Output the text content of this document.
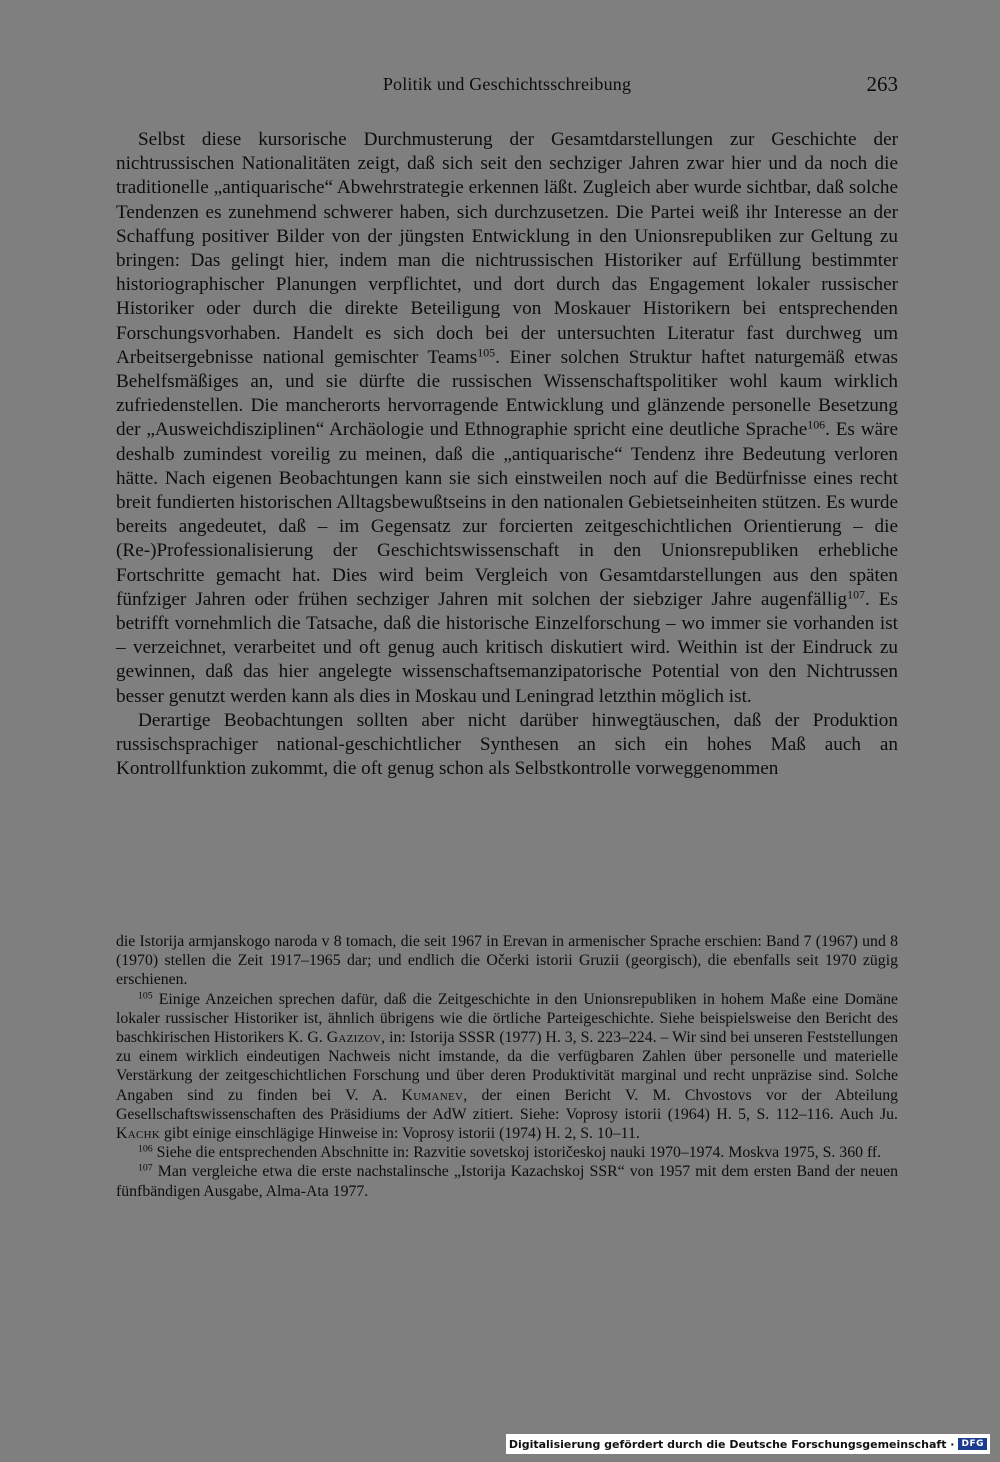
Politik und Geschichtsschreibung	263

Selbst diese kursorische Durchmusterung der Gesamtdarstellungen zur Geschichte der nichtrussischen Nationalitäten zeigt, daß sich seit den sechziger Jahren zwar hier und da noch die traditionelle „antiquarische“ Abwehrstrategie erkennen läßt. Zugleich aber wurde sichtbar, daß solche Tendenzen es zunehmend schwerer haben, sich durchzusetzen. Die Partei weiß ihr Interesse an der Schaffung positiver Bilder von der jüngsten Entwicklung in den Unionsrepubliken zur Geltung zu bringen: Das gelingt hier, indem man die nichtrussischen Historiker auf Erfüllung bestimmter historiographischer Planungen verpflichtet, und dort durch das Engagement lokaler russischer Historiker oder durch die direkte Beteiligung von Moskauer Historikern bei entsprechenden Forschungsvorhaben. Handelt es sich doch bei der untersuchten Literatur fast durchweg um Arbeitsergebnisse national gemischter Teams$^{105}$. Einer solchen Struktur haftet naturgemäß etwas Behelfsmäßiges an, und sie dürfte die russischen Wissenschaftspolitiker wohl kaum wirklich zufriedenstellen. Die mancherorts hervorragende Entwicklung und glänzende personelle Besetzung der „Ausweichdisziplinen“ Archäologie und Ethnographie spricht eine deutliche Sprache$^{106}$. Es wäre deshalb zumindest voreilig zu meinen, daß die „antiquarische“ Tendenz ihre Bedeutung verloren hätte. Nach eigenen Beobachtungen kann sie sich einstweilen noch auf die Bedürfnisse eines recht breit fundierten historischen Alltagsbewußtseins in den nationalen Gebietseinheiten stützen. Es wurde bereits angedeutet, daß – im Gegensatz zur forcierten zeitgeschichtlichen Orientierung – die (Re-)Professionalisierung der Geschichtswissenschaft in den Unionsrepubliken erhebliche Fortschritte gemacht hat. Dies wird beim Vergleich von Gesamtdarstellungen aus den späten fünfziger Jahren oder frühen sechziger Jahren mit solchen der siebziger Jahre augenfällig$^{107}$. Es betrifft vornehmlich die Tatsache, daß die historische Einzelforschung – wo immer sie vorhanden ist – verzeichnet, verarbeitet und oft genug auch kritisch diskutiert wird. Weithin ist der Eindruck zu gewinnen, daß das hier angelegte wissenschaftsemanzipatorische Potential von den Nichtrussen besser genutzt werden kann als dies in Moskau und Leningrad letzthin möglich ist.

Derartige Beobachtungen sollten aber nicht darüber hinwegtäuschen, daß der Produktion russischsprachiger national-geschichtlicher Synthesen an sich ein hohes Maß auch an Kontrollfunktion zukommt, die oft genug schon als Selbstkontrolle vorweggenommen

die Istorija armjanskogo naroda v 8 tomach, die seit 1967 in Erevan in armenischer Sprache erschien: Band 7 (1967) und 8 (1970) stellen die Zeit 1917–1965 dar; und endlich die Očerki istorii Gruzii (georgisch), die ebenfalls seit 1970 zügig erschienen.

$^{105}$ Einige Anzeichen sprechen dafür, daß die Zeitgeschichte in den Unionsrepubliken in hohem Maße eine Domäne lokaler russischer Historiker ist, ähnlich übrigens wie die örtliche Parteigeschichte. Siehe beispielsweise den Bericht des baschkirischen Historikers K. G. Gazizov, in: Istorija SSSR (1977) H. 3, S. 223–224. – Wir sind bei unseren Feststellungen zu einem wirklich eindeutigen Nachweis nicht imstande, da die verfügbaren Zahlen über personelle und materielle Verstärkung der zeitgeschichtlichen Forschung und über deren Produktivität marginal und recht unpräzise sind. Solche Angaben sind zu finden bei V. A. Kumanev, der einen Bericht V. M. Chvostovs vor der Abteilung Gesellschaftswissenschaften des Präsidiums der AdW zitiert. Siehe: Voprosy istorii (1964) H. 5, S. 112–116. Auch Ju. Kachk gibt einige einschlägige Hinweise in: Voprosy istorii (1974) H. 2, S. 10–11.

$^{106}$ Siehe die entsprechenden Abschnitte in: Razvitie sovetskoj istoričeskoj nauki 1970–1974. Moskva 1975, S. 360 ff.

$^{107}$ Man vergleiche etwa die erste nachstalinsche „Istorija Kazachskoj SSR“ von 1957 mit dem ersten Band der neuen fünfbändigen Ausgabe, Alma-Ata 1977.

Digitalisierung gefördert durch die Deutsche Forschungsgemeinschaft · DFG
